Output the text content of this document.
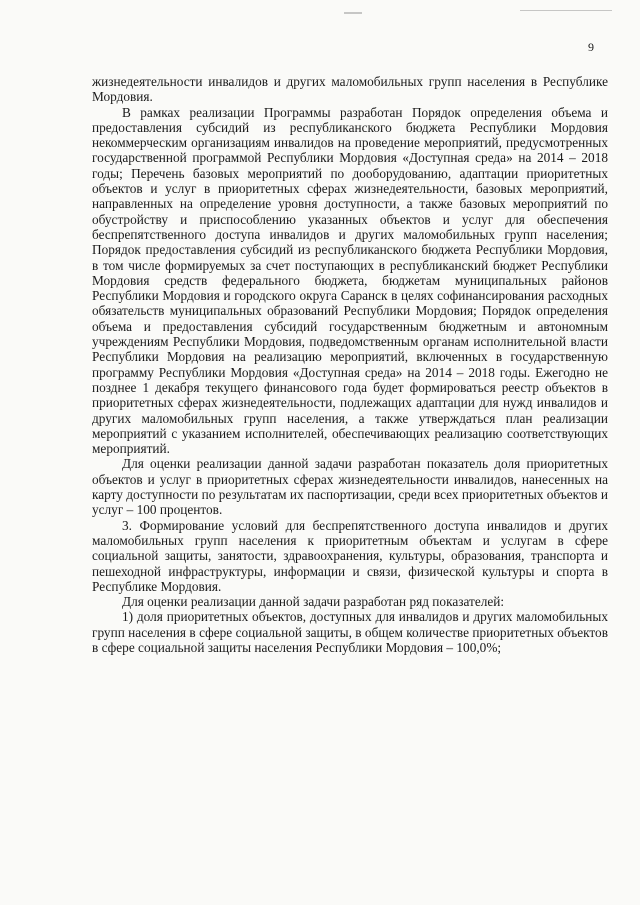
9

жизнедеятельности инвалидов и других маломобильных групп населения в Республике Мордовия.

В рамках реализации Программы разработан Порядок определения объема и предоставления субсидий из республиканского бюджета Республики Мордовия некоммерческим организациям инвалидов на проведение мероприятий, предусмотренных государственной программой Республики Мордовия «Доступная среда» на 2014 – 2018 годы; Перечень базовых мероприятий по дооборудованию, адаптации приоритетных объектов и услуг в приоритетных сферах жизнедеятельности, базовых мероприятий, направленных на определение уровня доступности, а также базовых мероприятий по обустройству и приспособлению указанных объектов и услуг для обеспечения беспрепятственного доступа инвалидов и других маломобильных групп населения; Порядок предоставления субсидий из республиканского бюджета Республики Мордовия, в том числе формируемых за счет поступающих в республиканский бюджет Республики Мордовия средств федерального бюджета, бюджетам муниципальных районов Республики Мордовия и городского округа Саранск в целях софинансирования расходных обязательств муниципальных образований Республики Мордовия; Порядок определения объема и предоставления субсидий государственным бюджетным и автономным учреждениям Республики Мордовия, подведомственным органам исполнительной власти Республики Мордовия на реализацию мероприятий, включенных в государственную программу Республики Мордовия «Доступная среда» на 2014 – 2018 годы. Ежегодно не позднее 1 декабря текущего финансового года будет формироваться реестр объектов в приоритетных сферах жизнедеятельности, подлежащих адаптации для нужд инвалидов и других маломобильных групп населения, а также утверждаться план реализации мероприятий с указанием исполнителей, обеспечивающих реализацию соответствующих мероприятий.

Для оценки реализации данной задачи разработан показатель доля приоритетных объектов и услуг в приоритетных сферах жизнедеятельности инвалидов, нанесенных на карту доступности по результатам их паспортизации, среди всех приоритетных объектов и услуг – 100 процентов.

3. Формирование условий для беспрепятственного доступа инвалидов и других маломобильных групп населения к приоритетным объектам и услугам в сфере социальной защиты, занятости, здравоохранения, культуры, образования, транспорта и пешеходной инфраструктуры, информации и связи, физической культуры и спорта в Республике Мордовия.

Для оценки реализации данной задачи разработан ряд показателей:

1) доля приоритетных объектов, доступных для инвалидов и других маломобильных групп населения в сфере социальной защиты, в общем количестве приоритетных объектов в сфере социальной защиты населения Республики Мордовия – 100,0%;
